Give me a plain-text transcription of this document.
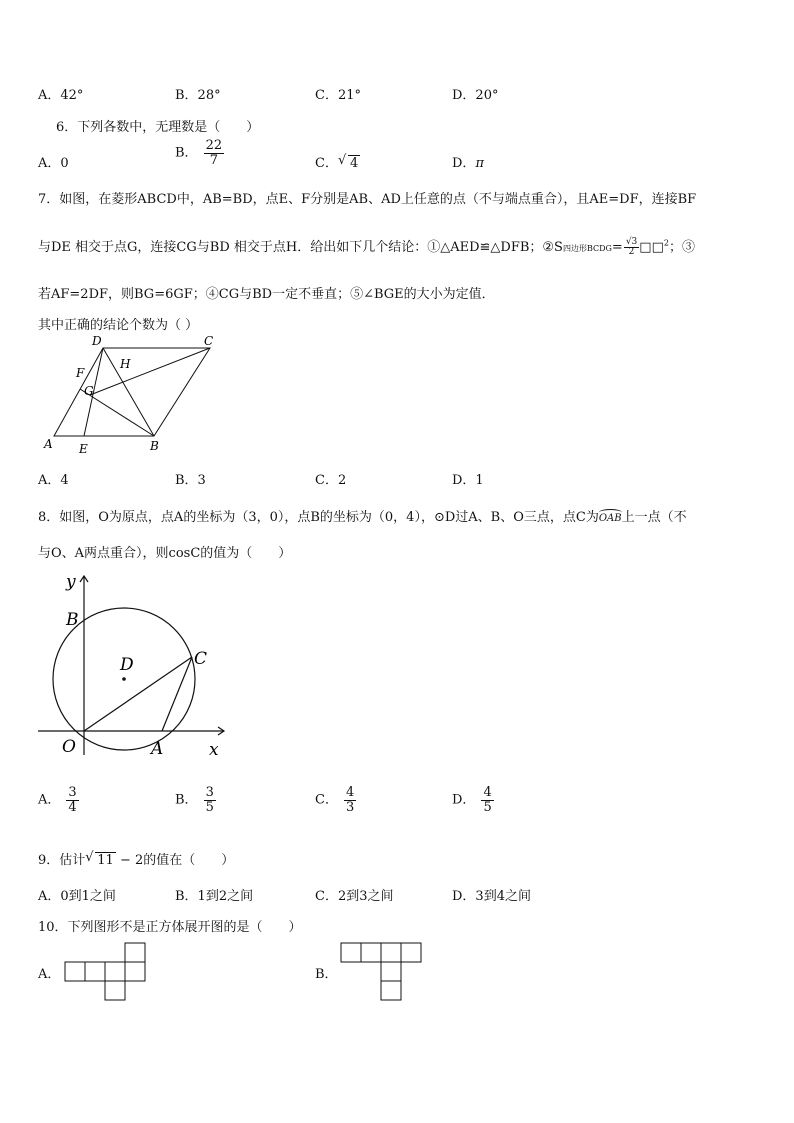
A．42°	B．28°	C．21°	D．20°
6．下列各数中，无理数是（　　）
A．0
B． $\frac{22}{7}$	C． √ 4	D．π
7．如图，在菱形ABCD中，AB=BD，点E、F分别是AB、AD上任意的点（不与端点重合），且AE=DF，连接BF
与DE 相交于点G，连接CG与BD 相交于点H．给出如下几个结论：①△AED≌△DFB；②S四边形BCDG= $\frac{√3}{2}$ □□$^2$；③
若AF=2DF，则BG=6GF；④CG与BD一定不垂直；⑤∠BGE的大小为定值．
其中正确的结论个数为（ ）
A	B
C
D
E
F
G
H
A．4	B．3	C．2	D．1
8．如图，O为原点，点A的坐标为（3，0），点B的坐标为（0，4），⊙D过A、B、O三点，点C为
OAB上一点（不
与O、A两点重合），则cosC的值为（　　）
y
x
O	A
B
C
D
A． $\frac{3}{4}$	B． $\frac{3}{5}$	C． $\frac{4}{3}$	D． $\frac{4}{5}$
9．估计 √ 11 − 2的值在（　　）
A．0到1之间	B．1到2之间	C．2到3之间	D．3到4之间
10．下列图形不是正方体展开图的是（　　）
A．	B．
